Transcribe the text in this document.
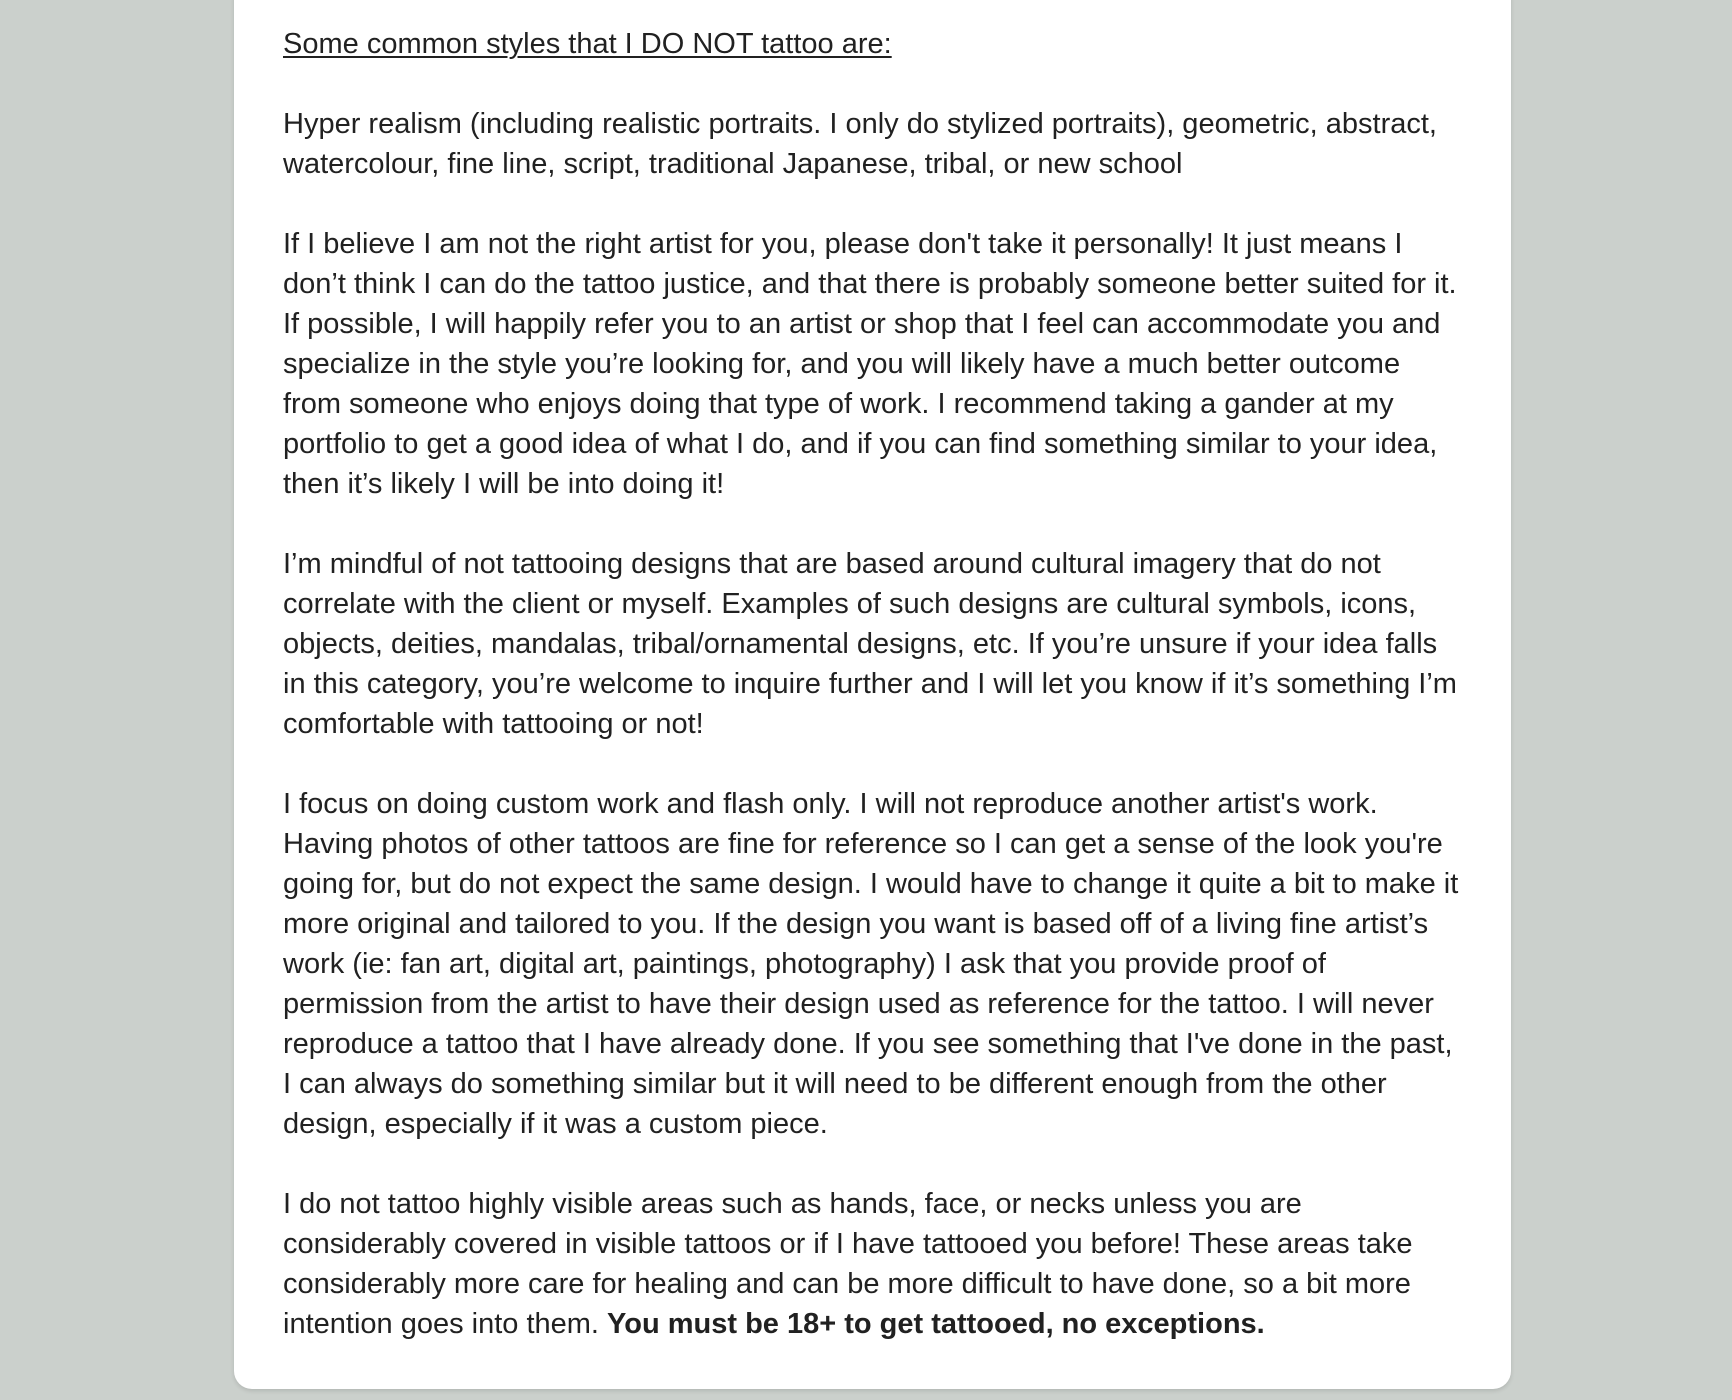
Some common styles that I DO NOT tattoo are:

Hyper realism (including realistic portraits. I only do stylized portraits), geometric, abstract, watercolour, fine line, script, traditional Japanese, tribal, or new school

If I believe I am not the right artist for you, please don't take it personally! It just means I don’t think I can do the tattoo justice, and that there is probably someone better suited for it. If possible, I will happily refer you to an artist or shop that I feel can accommodate you and specialize in the style you’re looking for, and you will likely have a much better outcome from someone who enjoys doing that type of work. I recommend taking a gander at my portfolio to get a good idea of what I do, and if you can find something similar to your idea, then it’s likely I will be into doing it!

I’m mindful of not tattooing designs that are based around cultural imagery that do not correlate with the client or myself. Examples of such designs are cultural symbols, icons, objects, deities, mandalas, tribal/ornamental designs, etc. If you’re unsure if your idea falls in this category, you’re welcome to inquire further and I will let you know if it’s something I’m comfortable with tattooing or not!

I focus on doing custom work and flash only. I will not reproduce another artist's work. Having photos of other tattoos are fine for reference so I can get a sense of the look you're going for, but do not expect the same design. I would have to change it quite a bit to make it more original and tailored to you. If the design you want is based off of a living fine artist’s work (ie: fan art, digital art, paintings, photography) I ask that you provide proof of permission from the artist to have their design used as reference for the tattoo. I will never reproduce a tattoo that I have already done. If you see something that I've done in the past, I can always do something similar but it will need to be different enough from the other design, especially if it was a custom piece.

I do not tattoo highly visible areas such as hands, face, or necks unless you are considerably covered in visible tattoos or if I have tattooed you before! These areas take considerably more care for healing and can be more difficult to have done, so a bit more intention goes into them. You must be 18+ to get tattooed, no exceptions.
